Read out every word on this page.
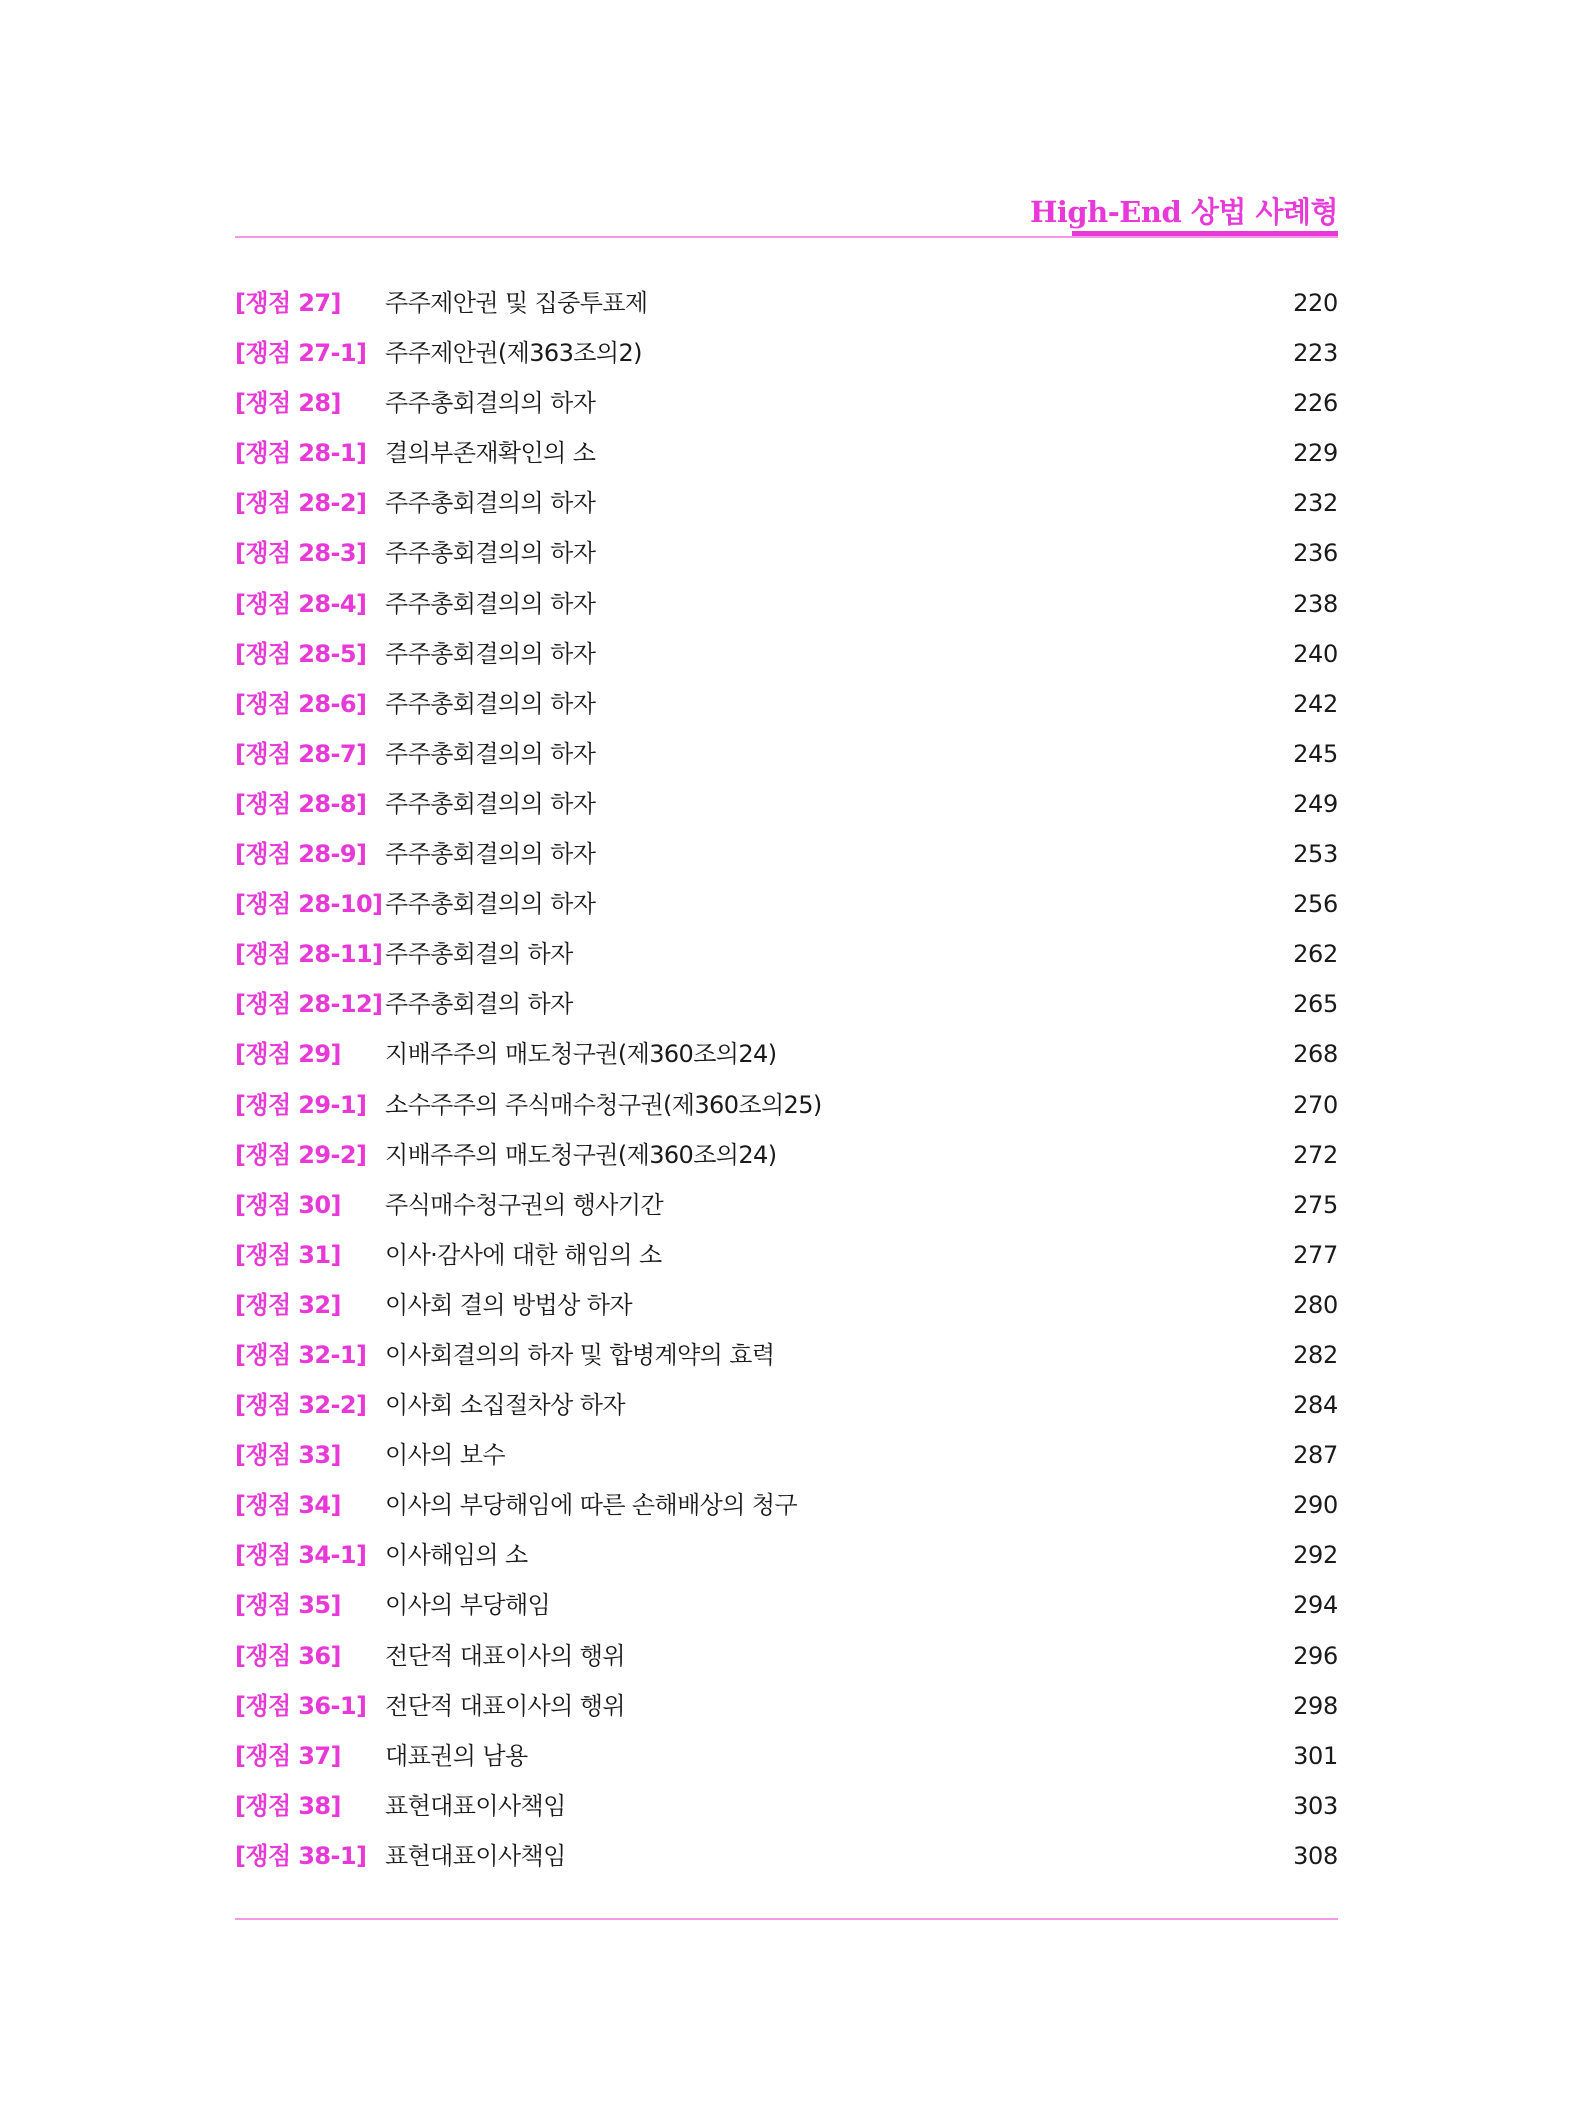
High-End 상법 사례형
[쟁점 27] 주주제안권 및 집중투표제	220
[쟁점 27-1] 주주제안권(제363조의2)	223
[쟁점 28] 주주총회결의의 하자	226
[쟁점 28-1] 결의부존재확인의 소	229
[쟁점 28-2] 주주총회결의의 하자	232
[쟁점 28-3] 주주총회결의의 하자	236
[쟁점 28-4] 주주총회결의의 하자	238
[쟁점 28-5] 주주총회결의의 하자	240
[쟁점 28-6] 주주총회결의의 하자	242
[쟁점 28-7] 주주총회결의의 하자	245
[쟁점 28-8] 주주총회결의의 하자	249
[쟁점 28-9] 주주총회결의의 하자	253
[쟁점 28-10] 주주총회결의의 하자	256
[쟁점 28-11] 주주총회결의 하자	262
[쟁점 28-12] 주주총회결의 하자	265
[쟁점 29] 지배주주의 매도청구권(제360조의24)	268
[쟁점 29-1] 소수주주의 주식매수청구권(제360조의25)	270
[쟁점 29-2] 지배주주의 매도청구권(제360조의24)	272
[쟁점 30] 주식매수청구권의 행사기간	275
[쟁점 31] 이사·감사에 대한 해임의 소	277
[쟁점 32] 이사회 결의 방법상 하자	280
[쟁점 32-1] 이사회결의의 하자 및 합병계약의 효력	282
[쟁점 32-2] 이사회 소집절차상 하자	284
[쟁점 33] 이사의 보수	287
[쟁점 34] 이사의 부당해임에 따른 손해배상의 청구	290
[쟁점 34-1] 이사해임의 소	292
[쟁점 35] 이사의 부당해임	294
[쟁점 36] 전단적 대표이사의 행위	296
[쟁점 36-1] 전단적 대표이사의 행위	298
[쟁점 37] 대표권의 남용	301
[쟁점 38] 표현대표이사책임	303
[쟁점 38-1] 표현대표이사책임	308
